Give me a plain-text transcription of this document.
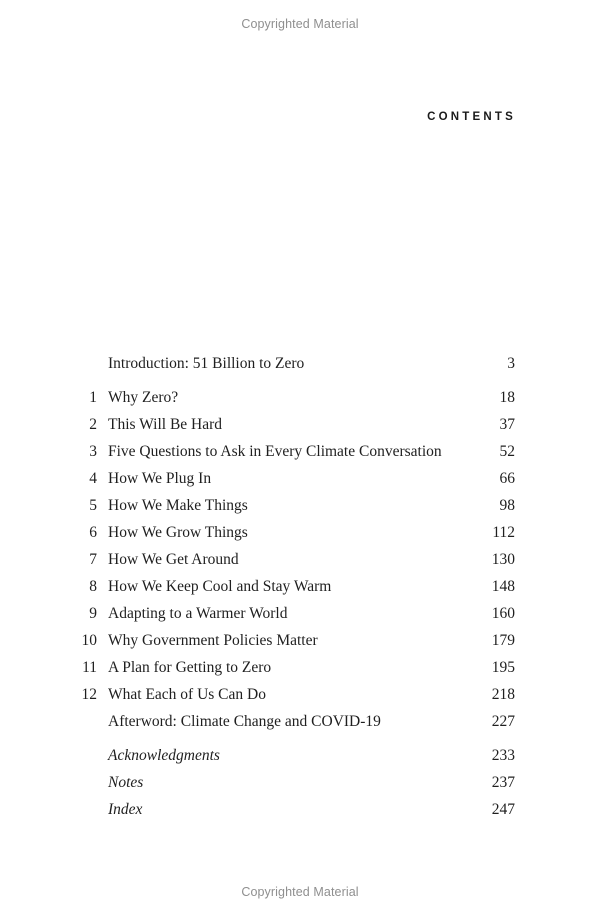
Copyrighted Material
CONTENTS
Introduction: 51 Billion to Zero	3
1 Why Zero?	18
2 This Will Be Hard	37
3 Five Questions to Ask in Every Climate Conversation	52
4 How We Plug In	66
5 How We Make Things	98
6 How We Grow Things	112
7 How We Get Around	130
8 How We Keep Cool and Stay Warm	148
9 Adapting to a Warmer World	160
10 Why Government Policies Matter	179
11 A Plan for Getting to Zero	195
12 What Each of Us Can Do	218
Afterword: Climate Change and COVID-19	227
Acknowledgments	233
Notes	237
Index	247
Copyrighted Material
